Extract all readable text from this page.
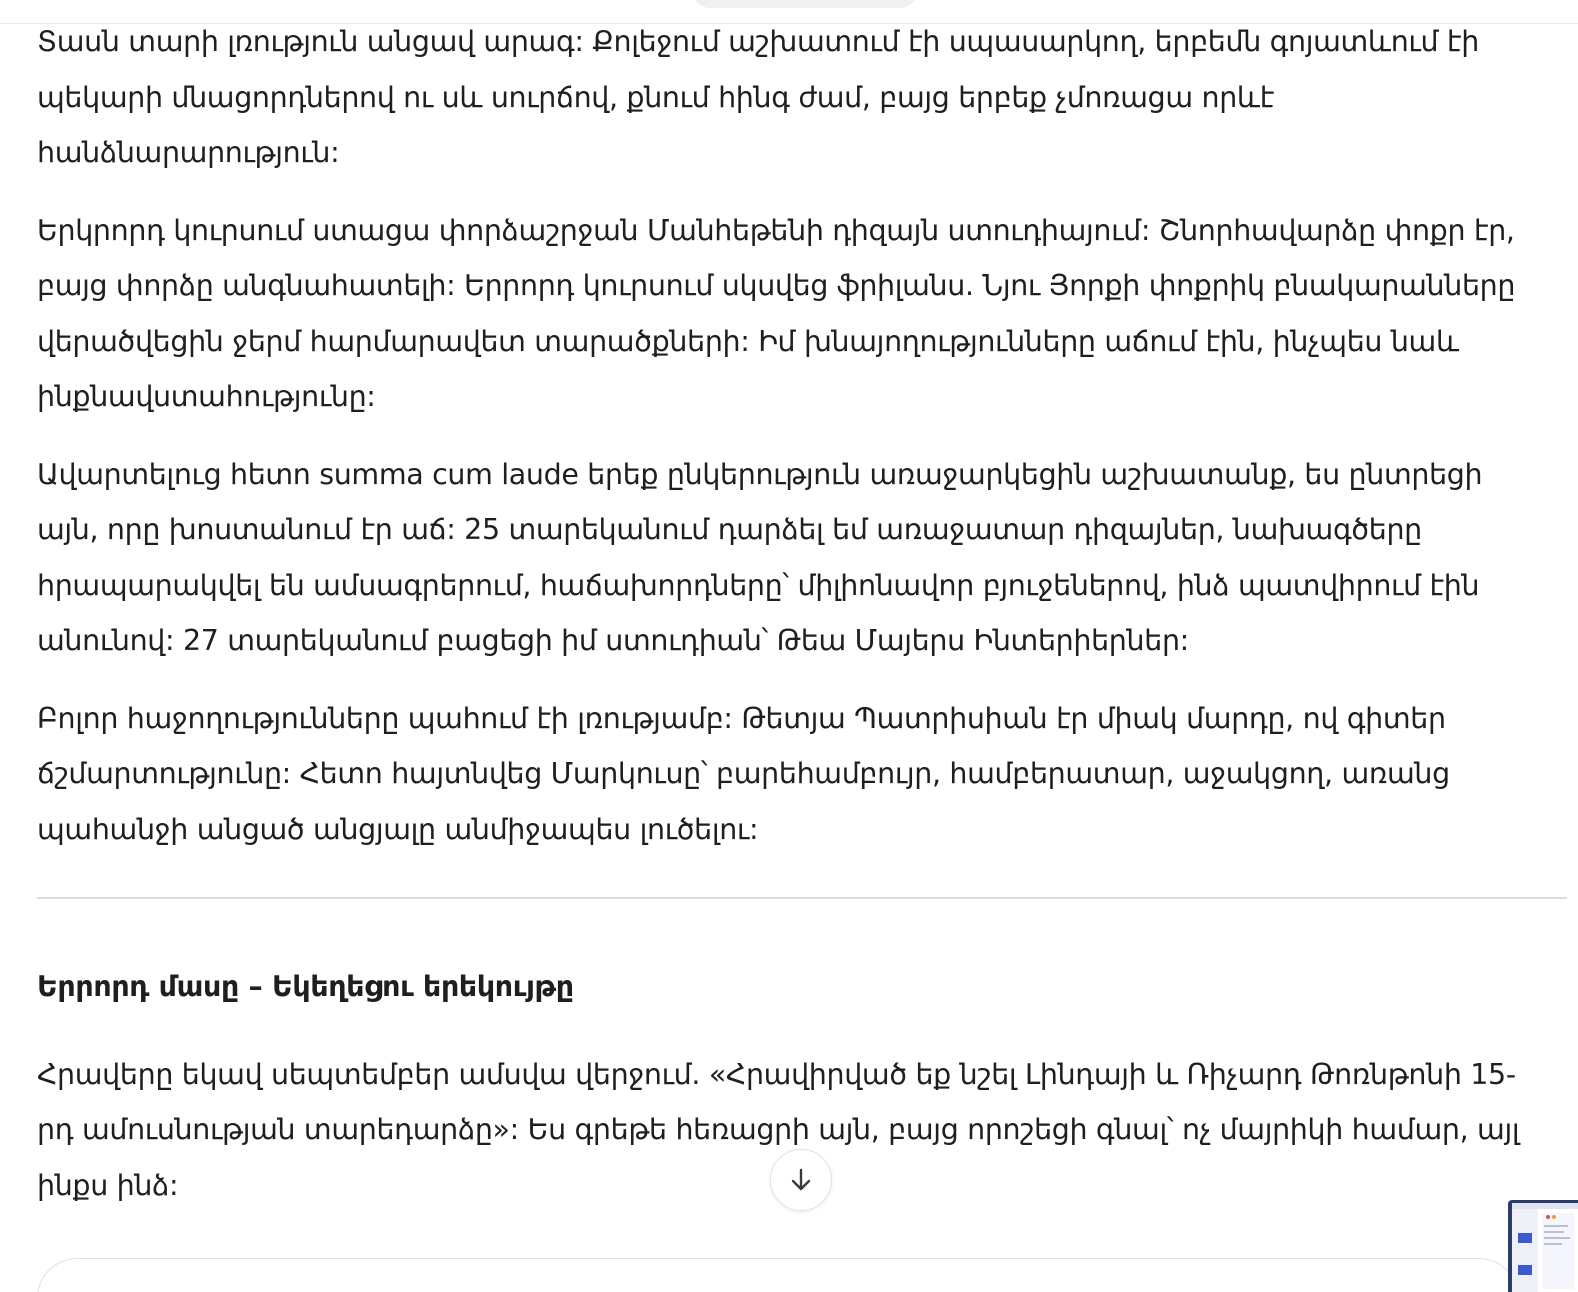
Տասն տարի լռություն անցավ արագ: Քոլեջում աշխատում էի սպասարկող, երբեմն գոյատևում էի
պեկարի մնացորդներով ու սև սուրճով, քնում հինգ ժամ, բայց երբեք չմոռացա որևէ
հանձնարարություն:

Երկրորդ կուրսում ստացա փորձաշրջան Մանհեթենի դիզայն ստուդիայում: Շնորհավարձը փոքր էր,
բայց փորձը անգնահատելի: Երրորդ կուրսում սկսվեց ֆրիլանս. Նյու Յորքի փոքրիկ բնակարանները
վերածվեցին ջերմ հարմարավետ տարածքների: Իմ խնայողությունները աճում էին, ինչպես նաև
ինքնավստահությունը:

Ավարտելուց հետո summa cum laude երեք ընկերություն առաջարկեցին աշխատանք, ես ընտրեցի
այն, որը խոստանում էր աճ: 25 տարեկանում դարձել եմ առաջատար դիզայներ, նախագծերը
հրապարակվել են ամսագրերում, հաճախորդները՝ միլիոնավոր բյուջեներով, ինձ պատվիրում էին
անունով: 27 տարեկանում բացեցի իմ ստուդիան՝ Թեա Մայերս Ինտերիերներ:

Բոլոր հաջողությունները պահում էի լռությամբ: Թետյա Պատրիսիան էր միակ մարդը, ով գիտեր
ճշմարտությունը: Հետո հայտնվեց Մարկուսը՝ բարեհամբույր, համբերատար, աջակցող, առանց
պահանջի անցած անցյալը անմիջապես լուծելու:

Երրորդ մասը – Եկեղեցու երեկույթը

Հրավերը եկավ սեպտեմբեր ամսվա վերջում. «Հրավիրված եք նշել Լինդայի և Ռիչարդ Թոռնթոնի 15-
րդ ամուսնության տարեդարձը»: Ես գրեթե հեռացրի այն, բայց որոշեցի գնալ՝ ոչ մայրիկի համար, այլ
ինքս ինձ:
